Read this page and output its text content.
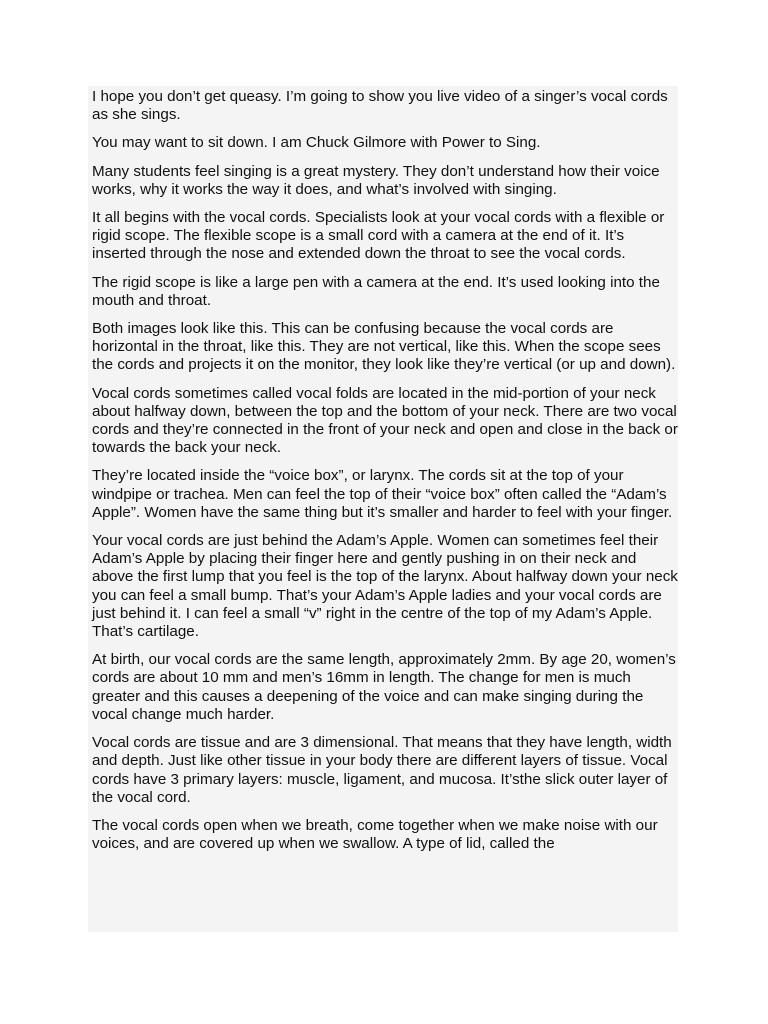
I hope you don’t get queasy. I’m going to show you live video of a singer’s vocal cords as she sings.

You may want to sit down. I am Chuck Gilmore with Power to Sing.

Many students feel singing is a great mystery. They don’t understand how their voice works, why it works the way it does, and what’s involved with singing.

It all begins with the vocal cords. Specialists look at your vocal cords with a flexible or rigid scope. The flexible scope is a small cord with a camera at the end of it. It’s inserted through the nose and extended down the throat to see the vocal cords.

The rigid scope is like a large pen with a camera at the end. It’s used looking into the mouth and throat.

Both images look like this. This can be confusing because the vocal cords are horizontal in the throat, like this. They are not vertical, like this. When the scope sees the cords and projects it on the monitor, they look like they’re vertical (or up and down).

Vocal cords sometimes called vocal folds are located in the mid-portion of your neck about halfway down, between the top and the bottom of your neck. There are two vocal cords and they’re connected in the front of your neck and open and close in the back or towards the back your neck.

They’re located inside the “voice box”, or larynx. The cords sit at the top of your windpipe or trachea. Men can feel the top of their “voice box” often called the “Adam’s Apple”. Women have the same thing but it’s smaller and harder to feel with your finger.

Your vocal cords are just behind the Adam’s Apple. Women can sometimes feel their Adam’s Apple by placing their finger here and gently pushing in on their neck and above the first lump that you feel is the top of the larynx. About halfway down your neck you can feel a small bump. That’s your Adam’s Apple ladies and your vocal cords are just behind it. I can feel a small “v” right in the centre of the top of my Adam’s Apple. That’s cartilage.

At birth, our vocal cords are the same length, approximately 2mm. By age 20, women’s cords are about 10 mm and men’s 16mm in length. The change for men is much greater and this causes a deepening of the voice and can make singing during the vocal change much harder.

Vocal cords are tissue and are 3 dimensional. That means that they have length, width and depth. Just like other tissue in your body there are different layers of tissue. Vocal cords have 3 primary layers: muscle, ligament, and mucosa. It’sthe slick outer layer of the vocal cord.

The vocal cords open when we breath, come together when we make noise with our voices, and are covered up when we swallow. A type of lid, called the
